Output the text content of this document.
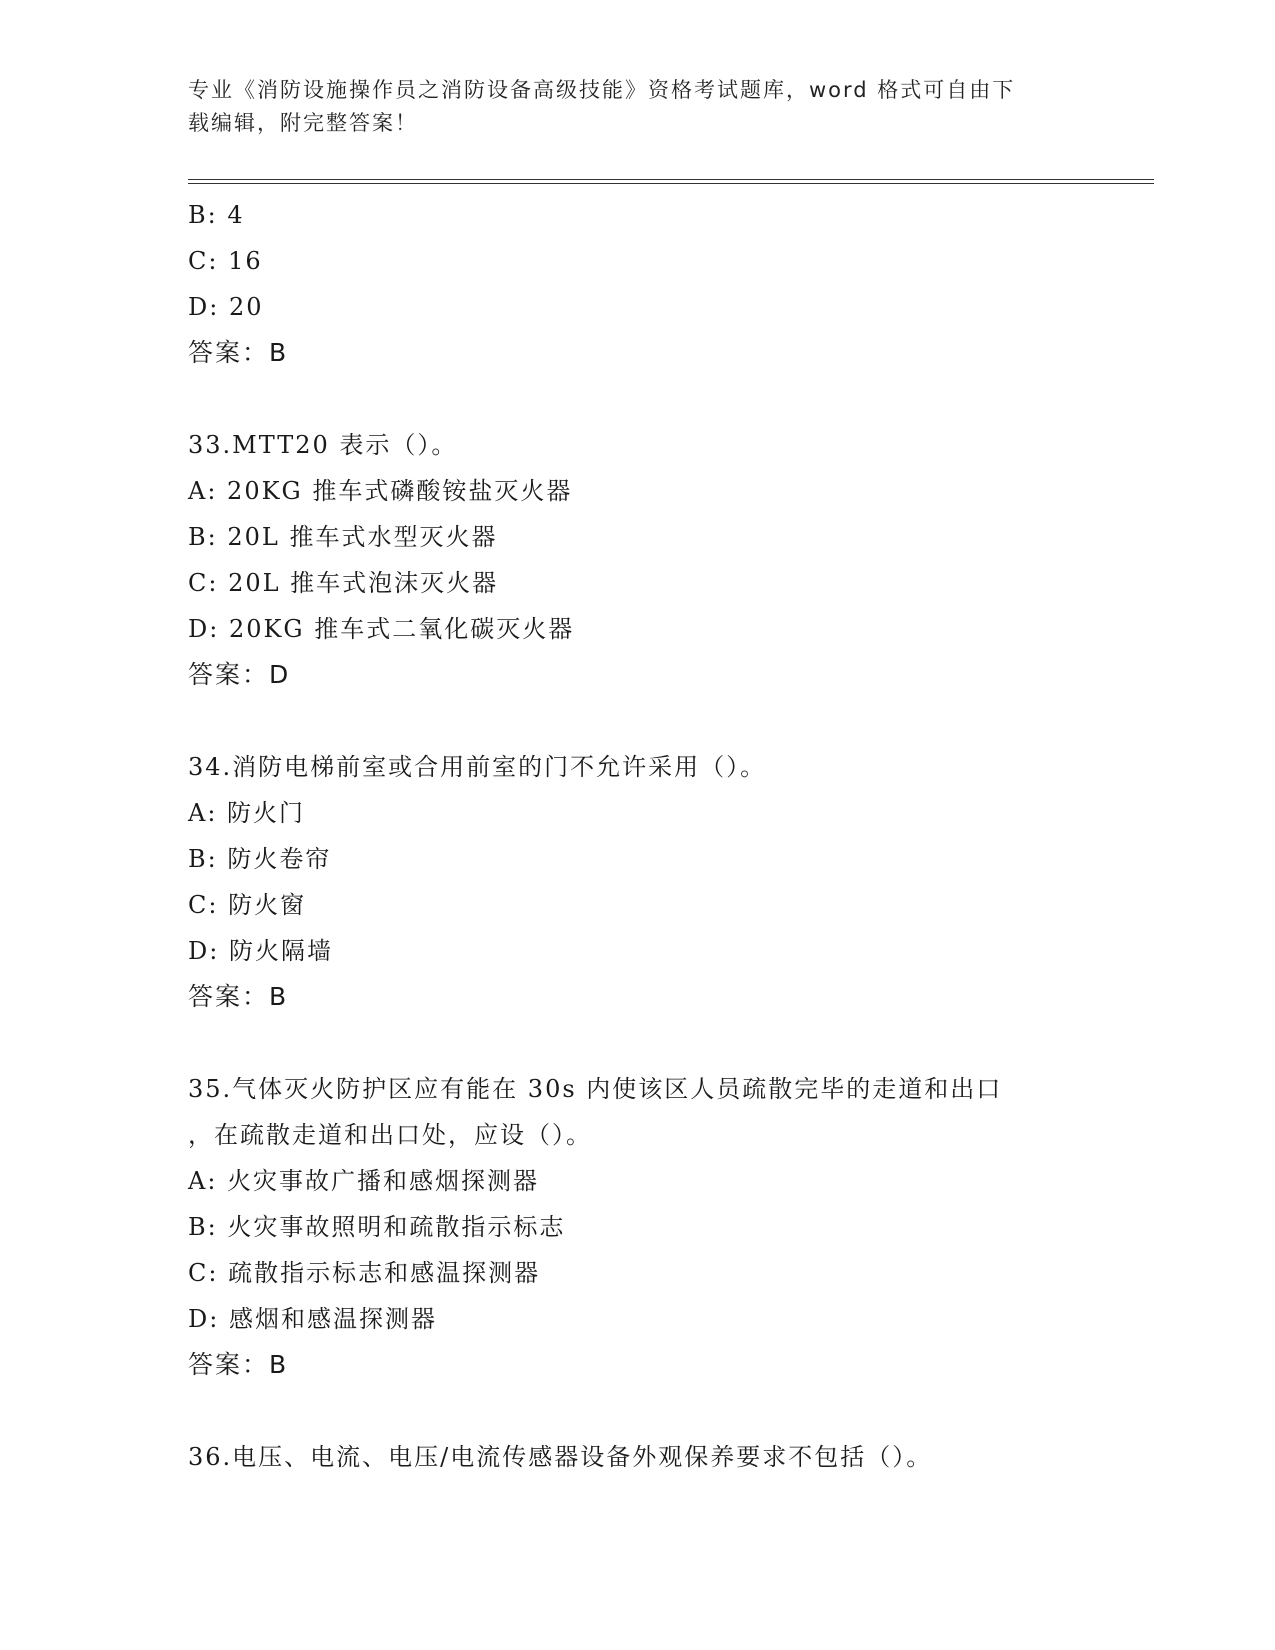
专业《消防设施操作员之消防设备高级技能》资格考试题库，word 格式可自由下
载编辑，附完整答案！
B: 4
C: 16
D: 20
答案：B
33.MTT20 表示（）。
A: 20KG 推车式磷酸铵盐灭火器
B: 20L 推车式水型灭火器
C: 20L 推车式泡沫灭火器
D: 20KG 推车式二氧化碳灭火器
答案：D
34.消防电梯前室或合用前室的门不允许采用（）。
A: 防火门
B: 防火卷帘
C: 防火窗
D: 防火隔墙
答案：B
35.气体灭火防护区应有能在 30s 内使该区人员疏散完毕的走道和出口
，在疏散走道和出口处，应设（）。
A: 火灾事故广播和感烟探测器
B: 火灾事故照明和疏散指示标志
C: 疏散指示标志和感温探测器
D: 感烟和感温探测器
答案：B
36.电压、电流、电压/电流传感器设备外观保养要求不包括（）。
